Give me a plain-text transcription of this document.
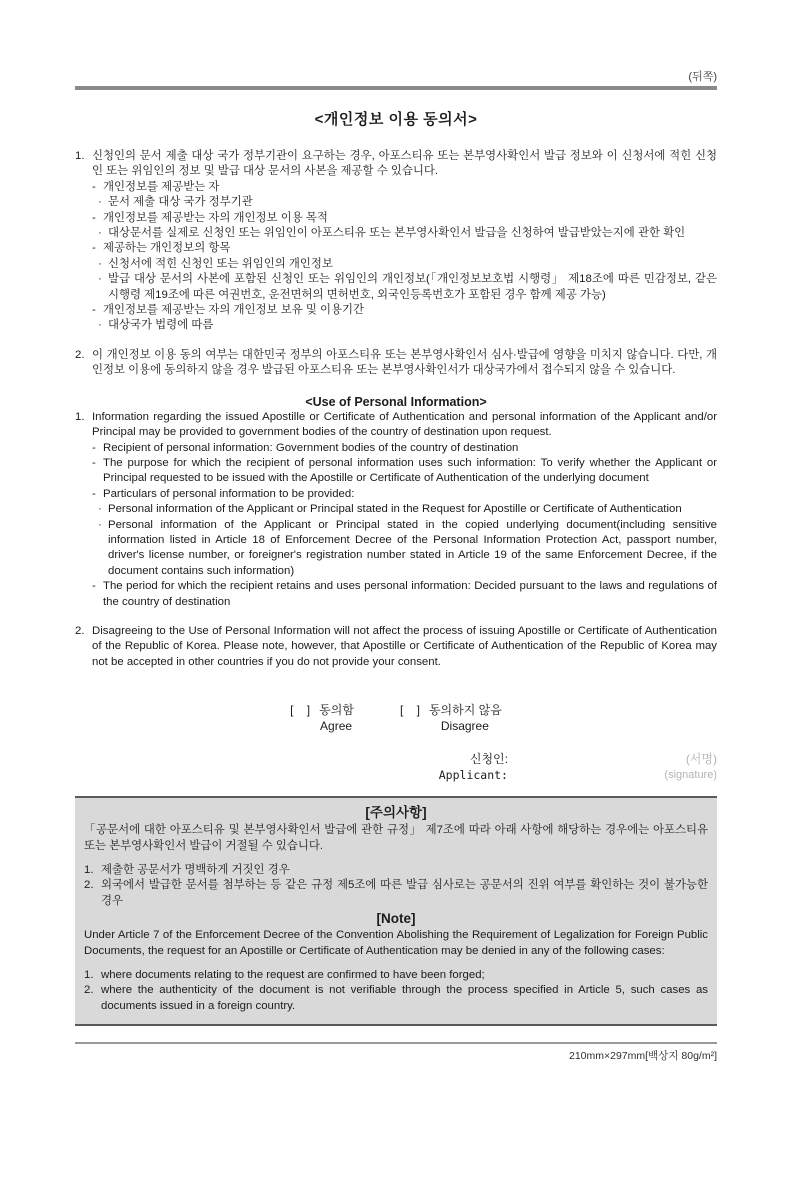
(뒤쪽)
<개인정보 이용 동의서>
1. 신청인의 문서 제출 대상 국가 정부기관이 요구하는 경우, 아포스티유 또는 본부영사확인서 발급 정보와 이 신청서에 적힌 신청인 또는 위임인의 정보 및 발급 대상 문서의 사본을 제공할 수 있습니다.
- 개인정보를 제공받는 자
· 문서 제출 대상 국가 정부기관
- 개인정보를 제공받는 자의 개인정보 이용 목적
· 대상문서를 실제로 신청인 또는 위임인이 아포스티유 또는 본부영사확인서 발급을 신청하여 발급받았는지에 관한 확인
- 제공하는 개인정보의 항목
· 신청서에 적힌 신청인 또는 위임인의 개인정보
· 발급 대상 문서의 사본에 포함된 신청인 또는 위임인의 개인정보(「개인정보보호법 시행령」 제18조에 따른 민감정보, 같은 시행령 제19조에 따른 여권번호, 운전면허의 면허번호, 외국인등록번호가 포함된 경우 함께 제공 가능)
- 개인정보를 제공받는 자의 개인정보 보유 및 이용기간
· 대상국가 법령에 따름
2. 이 개인정보 이용 동의 여부는 대한민국 정부의 아포스티유 또는 본부영사확인서 심사·발급에 영향을 미치지 않습니다. 다만, 개인정보 이용에 동의하지 않을 경우 발급된 아포스티유 또는 본부영사확인서가 대상국가에서 접수되지 않을 수 있습니다.
<Use of Personal Information>
1. Information regarding the issued Apostille or Certificate of Authentication and personal information of the Applicant and/or Principal may be provided to government bodies of the country of destination upon request.
- Recipient of personal information: Government bodies of the country of destination
- The purpose for which the recipient of personal information uses such information: To verify whether the Applicant or Principal requested to be issued with the Apostille or Certificate of Authentication of the underlying document
- Particulars of personal information to be provided:
· Personal information of the Applicant or Principal stated in the Request for Apostille or Certificate of Authentication
· Personal information of the Applicant or Principal stated in the copied underlying document(including sensitive information listed in Article 18 of Enforcement Decree of the Personal Information Protection Act, passport number, driver's license number, or foreigner's registration number stated in Article 19 of the same Enforcement Decree, if the document contains such information)
- The period for which the recipient retains and uses personal information: Decided pursuant to the laws and regulations of the country of destination
2. Disagreeing to the Use of Personal Information will not affect the process of issuing Apostille or Certificate of Authentication of the Republic of Korea. Please note, however, that Apostille or Certificate of Authentication of the Republic of Korea may not be accepted in other countries if you do not provide your consent.
[    ] 동의함
Agree
[    ] 동의하지 않음
Disagree
신청인:
Applicant:
(서명)
(signature)
[주의사항]
「공문서에 대한 아포스티유 및 본부영사확인서 발급에 관한 규정」 제7조에 따라 아래 사항에 해당하는 경우에는 아포스티유 또는 본부영사확인서 발급이 거절될 수 있습니다.
1. 제출한 공문서가 명백하게 거짓인 경우
2. 외국에서 발급한 문서를 첨부하는 등 같은 규정 제5조에 따른 발급 심사로는 공문서의 진위 여부를 확인하는 것이 불가능한 경우
[Note]
Under Article 7 of the Enforcement Decree of the Convention Abolishing the Requirement of Legalization for Foreign Public Documents, the request for an Apostille or Certificate of Authentication may be denied in any of the following cases:
1. where documents relating to the request are confirmed to have been forged;
2. where the authenticity of the document is not verifiable through the process specified in Article 5, such cases as documents issued in a foreign country.
210mm×297mm[백상지 80g/m²]
